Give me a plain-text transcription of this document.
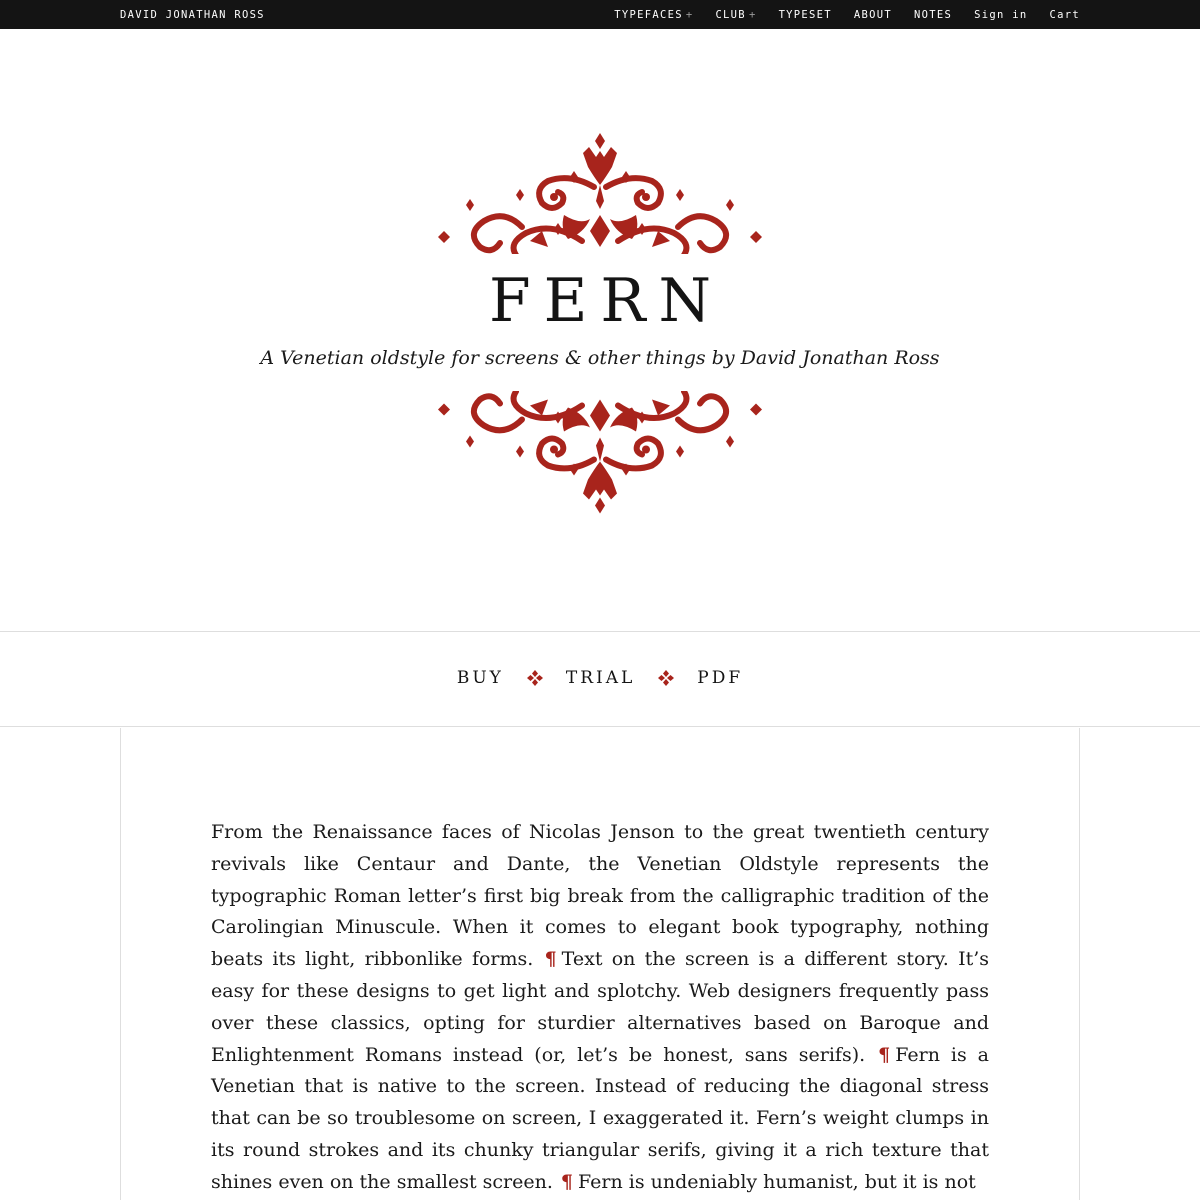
DAVID JONATHAN ROSS	TYPEFACES + CLUB + TYPESET ABOUT NOTES Sign in Cart
FERN
A Venetian oldstyle for screens & other things by David Jonathan Ross
BUY	TRIAL	PDF

From the Renaissance faces of Nicolas Jenson to the great twentieth century revivals like Centaur and Dante, the Venetian Oldstyle represents the typographic Roman letter’s first big break from the calligraphic tradition of the Carolingian Minuscule. When it comes to elegant book typography, nothing beats its light, ribbonlike forms. ¶ Text on the screen is a different story. It’s easy for these designs to get light and splotchy. Web designers frequently pass over these classics, opting for sturdier alternatives based on Baroque and Enlightenment Romans instead (or, let’s be honest, sans serifs). ¶ Fern is a Venetian that is native to the screen. Instead of reducing the diagonal stress that can be so troublesome on screen, I exaggerated it. Fern’s weight clumps in its round strokes and its chunky triangular serifs, giving it a rich texture that shines even on the smallest screen. ¶ Fern is undeniably humanist, but it is not
